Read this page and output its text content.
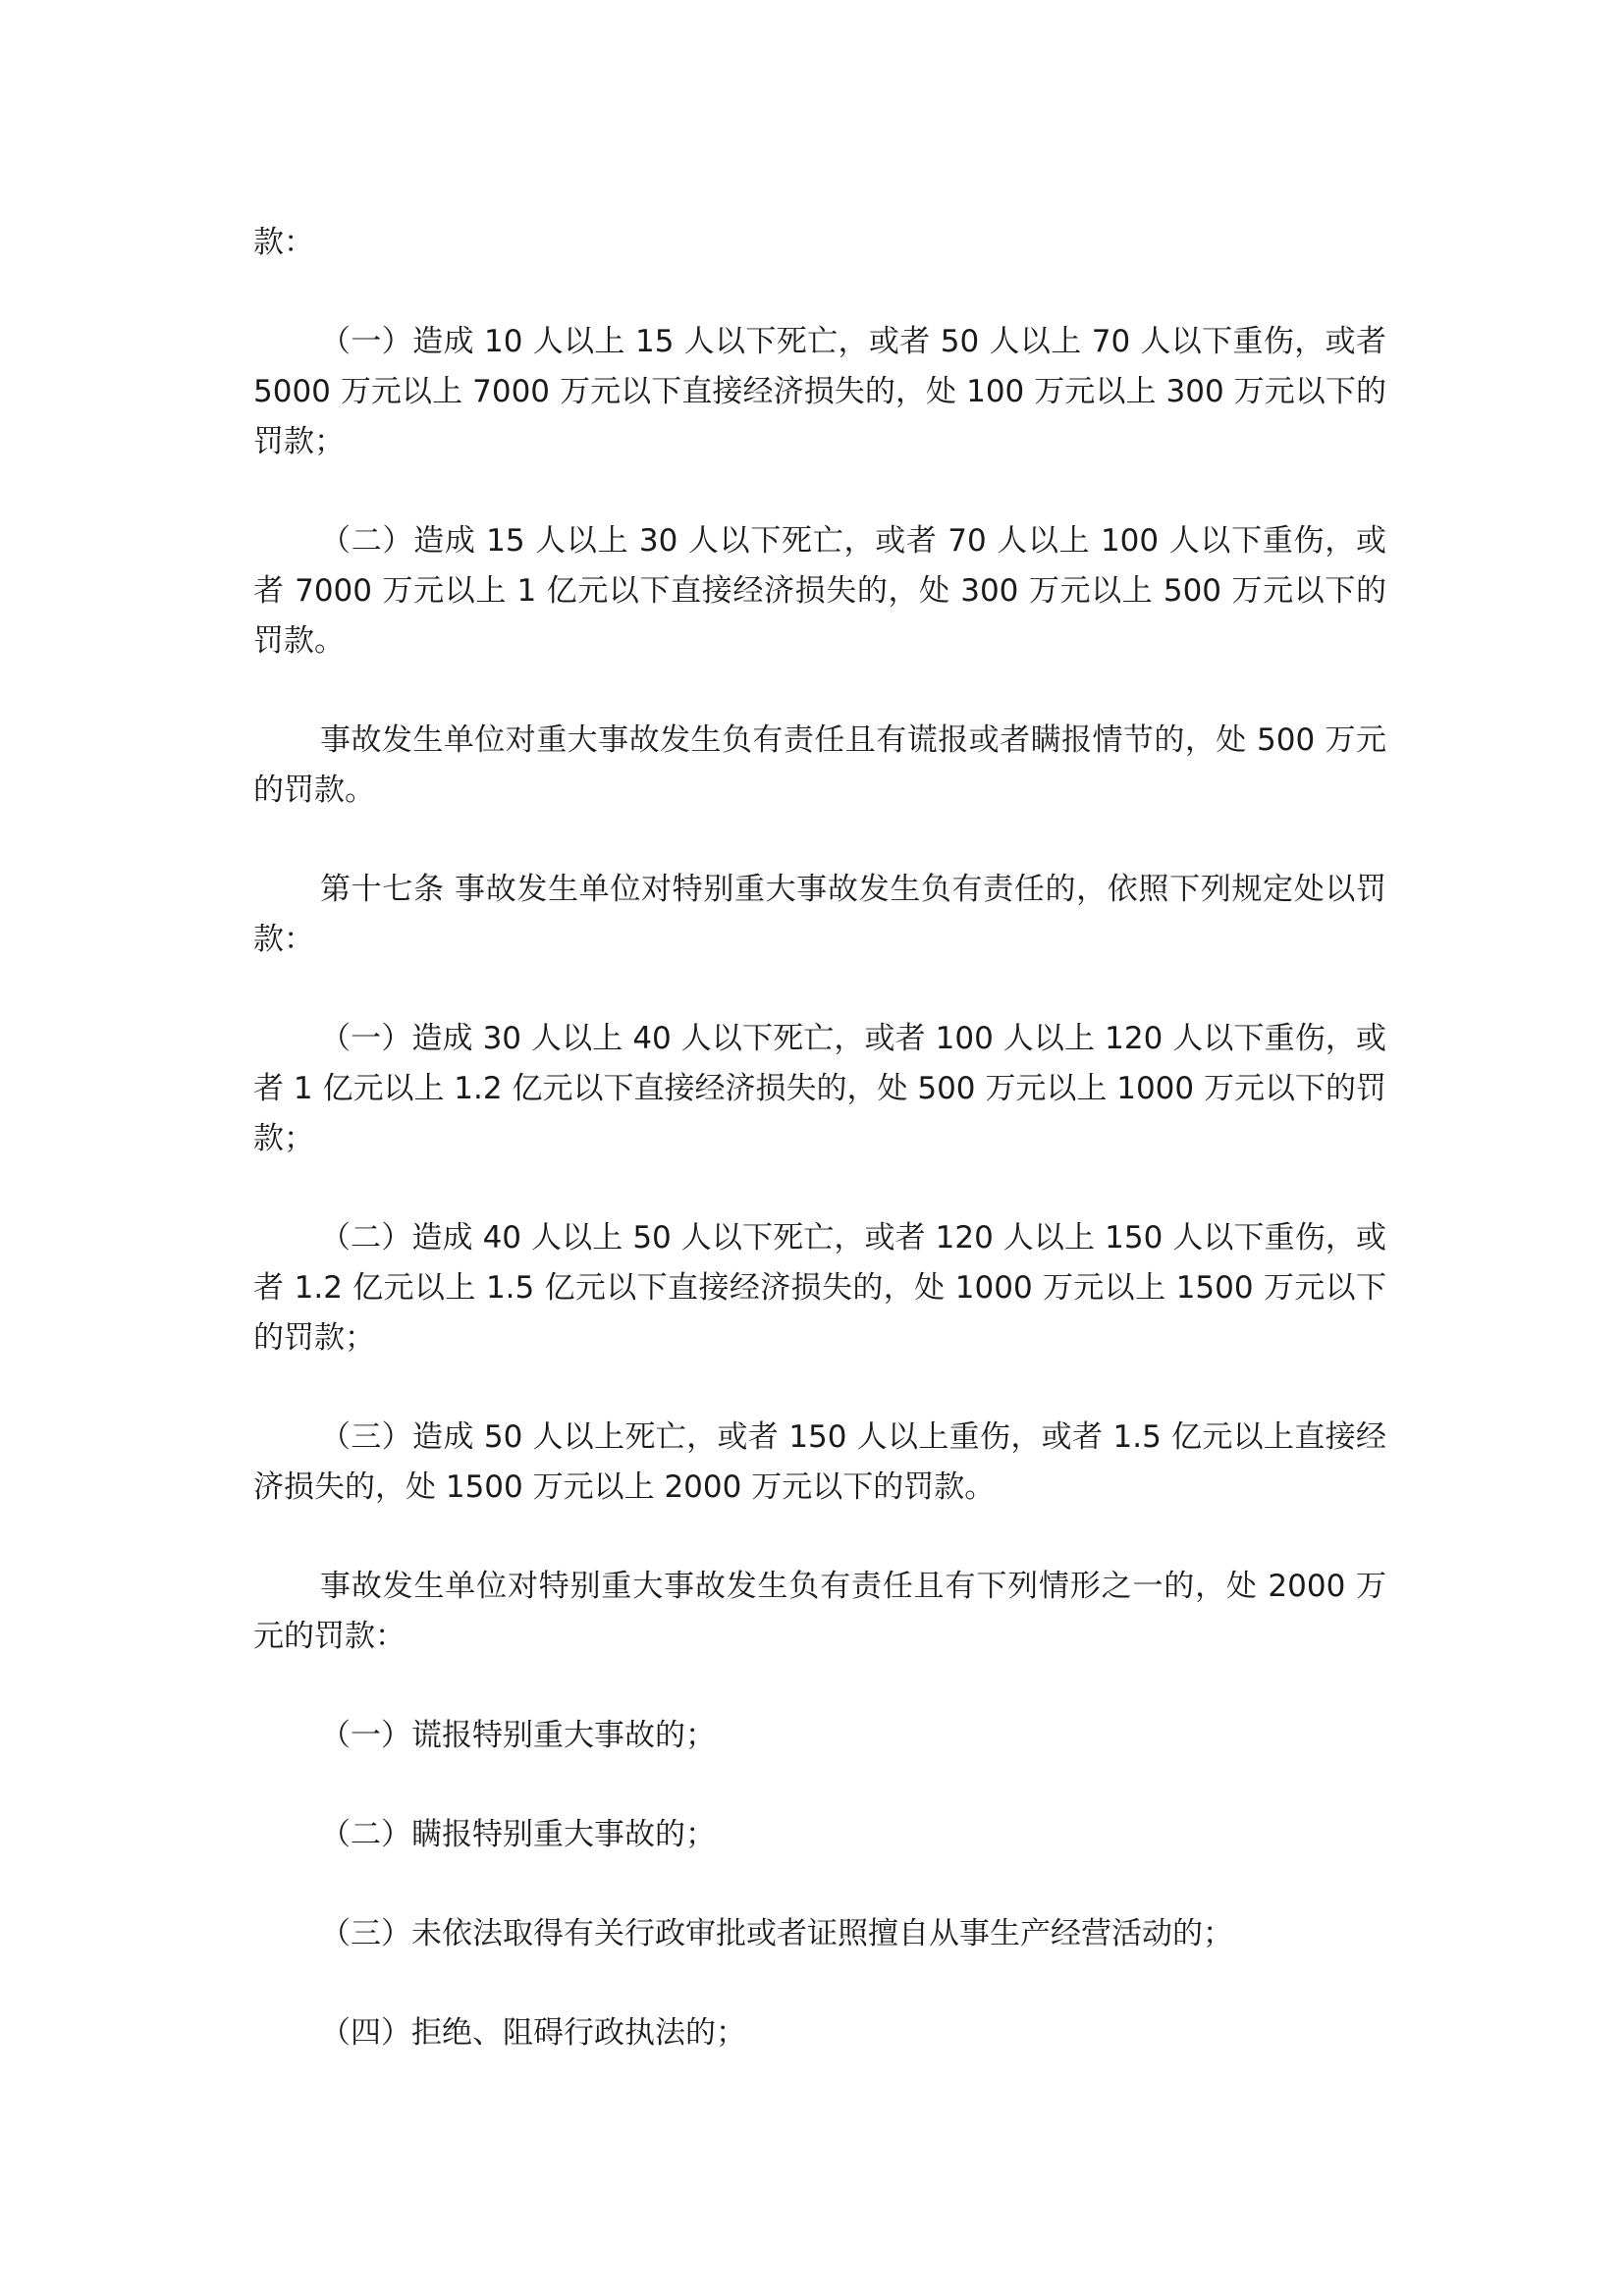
款：

（一）造成 10 人以上 15 人以下死亡，或者 50 人以上 70 人以下重伤，或者 5000 万元以上 7000 万元以下直接经济损失的，处 100 万元以上 300 万元以下的罚款；

（二）造成 15 人以上 30 人以下死亡，或者 70 人以上 100 人以下重伤，或者 7000 万元以上 1 亿元以下直接经济损失的，处 300 万元以上 500 万元以下的罚款。

事故发生单位对重大事故发生负有责任且有谎报或者瞒报情节的，处 500 万元的罚款。

第十七条 事故发生单位对特别重大事故发生负有责任的，依照下列规定处以罚款：

（一）造成 30 人以上 40 人以下死亡，或者 100 人以上 120 人以下重伤，或者 1 亿元以上 1.2 亿元以下直接经济损失的，处 500 万元以上 1000 万元以下的罚款；

（二）造成 40 人以上 50 人以下死亡，或者 120 人以上 150 人以下重伤，或者 1.2 亿元以上 1.5 亿元以下直接经济损失的，处 1000 万元以上 1500 万元以下的罚款；

（三）造成 50 人以上死亡，或者 150 人以上重伤，或者 1.5 亿元以上直接经济损失的，处 1500 万元以上 2000 万元以下的罚款。

事故发生单位对特别重大事故发生负有责任且有下列情形之一的，处 2000 万元的罚款：

（一）谎报特别重大事故的；

（二）瞒报特别重大事故的；

（三）未依法取得有关行政审批或者证照擅自从事生产经营活动的；

（四）拒绝、阻碍行政执法的；
